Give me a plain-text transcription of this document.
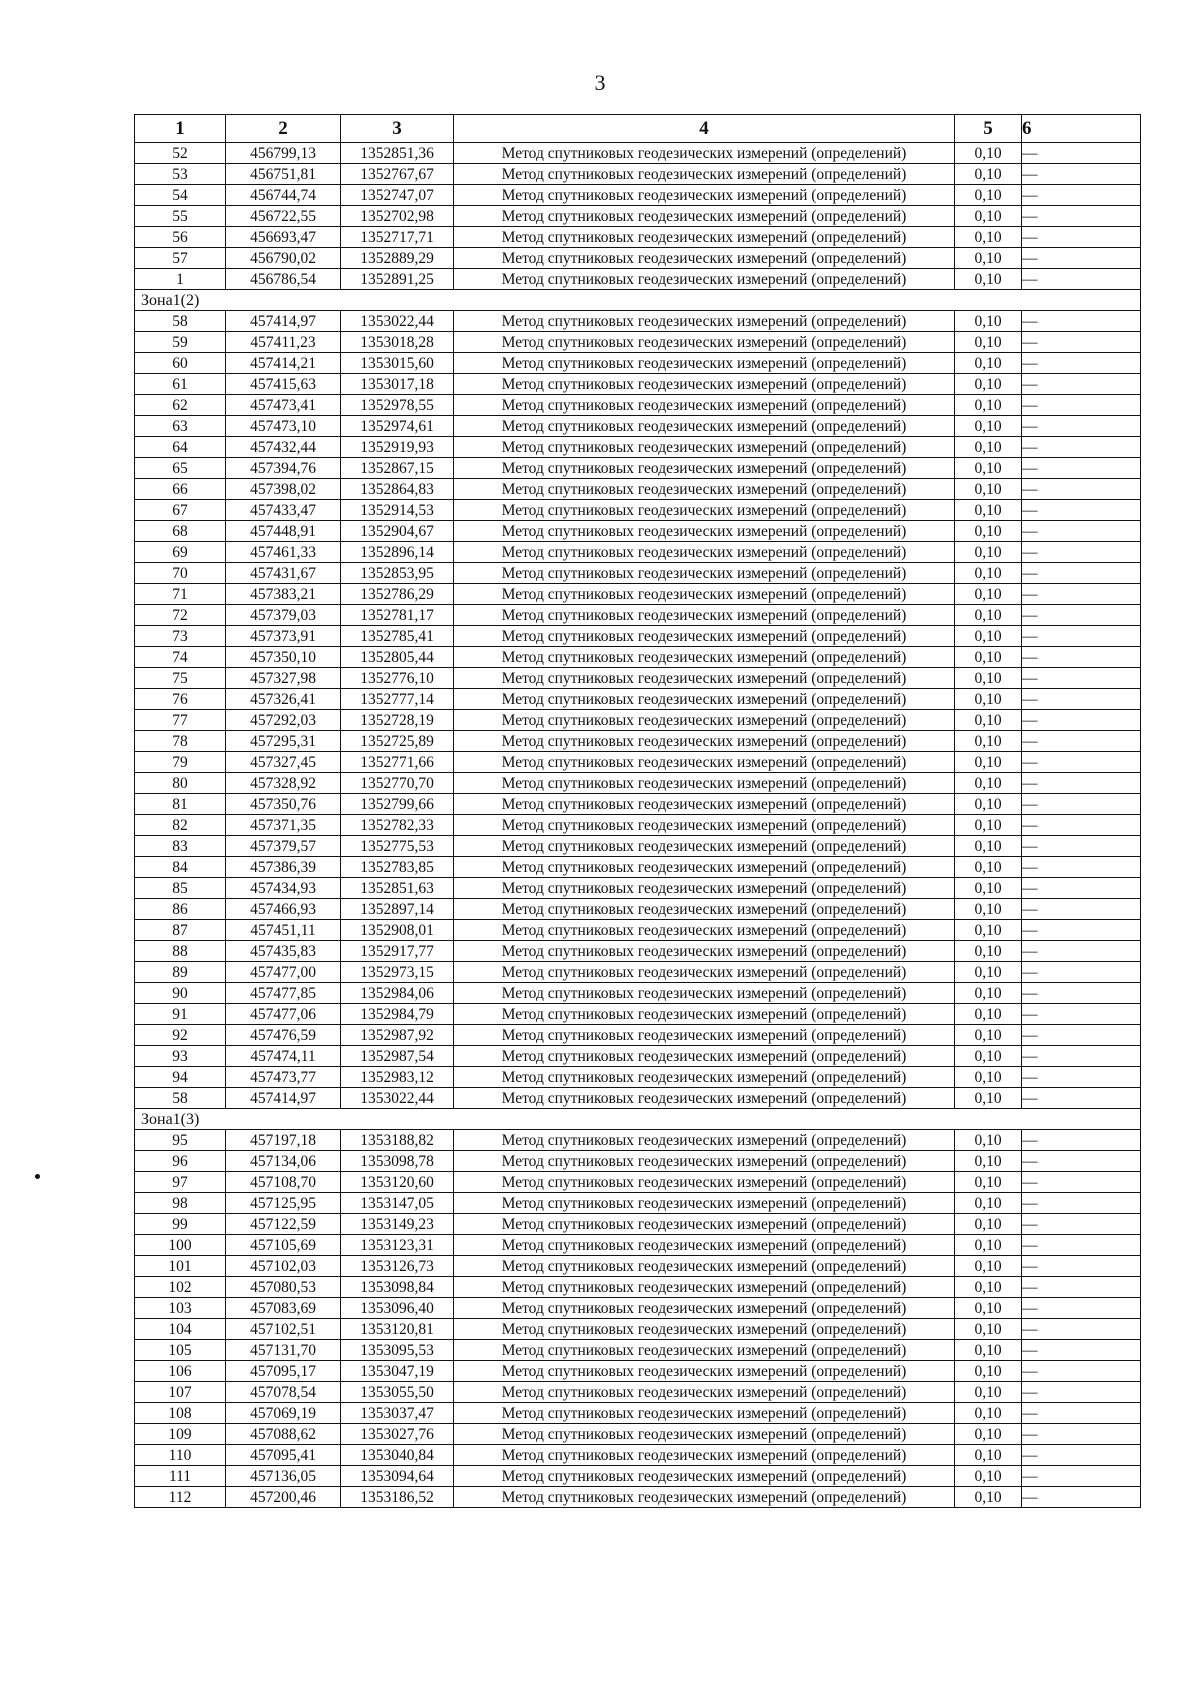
3
1	2	3	4	5	6
52	456799,13	1352851,36	Метод спутниковых геодезических измерений (определений)	0,10	—
53	456751,81	1352767,67	Метод спутниковых геодезических измерений (определений)	0,10	—
54	456744,74	1352747,07	Метод спутниковых геодезических измерений (определений)	0,10	—
55	456722,55	1352702,98	Метод спутниковых геодезических измерений (определений)	0,10	—
56	456693,47	1352717,71	Метод спутниковых геодезических измерений (определений)	0,10	—
57	456790,02	1352889,29	Метод спутниковых геодезических измерений (определений)	0,10	—
1	456786,54	1352891,25	Метод спутниковых геодезических измерений (определений)	0,10	—
Зона1(2)					
58	457414,97	1353022,44	Метод спутниковых геодезических измерений (определений)	0,10	—
59	457411,23	1353018,28	Метод спутниковых геодезических измерений (определений)	0,10	—
60	457414,21	1353015,60	Метод спутниковых геодезических измерений (определений)	0,10	—
61	457415,63	1353017,18	Метод спутниковых геодезических измерений (определений)	0,10	—
62	457473,41	1352978,55	Метод спутниковых геодезических измерений (определений)	0,10	—
63	457473,10	1352974,61	Метод спутниковых геодезических измерений (определений)	0,10	—
64	457432,44	1352919,93	Метод спутниковых геодезических измерений (определений)	0,10	—
65	457394,76	1352867,15	Метод спутниковых геодезических измерений (определений)	0,10	—
66	457398,02	1352864,83	Метод спутниковых геодезических измерений (определений)	0,10	—
67	457433,47	1352914,53	Метод спутниковых геодезических измерений (определений)	0,10	—
68	457448,91	1352904,67	Метод спутниковых геодезических измерений (определений)	0,10	—
69	457461,33	1352896,14	Метод спутниковых геодезических измерений (определений)	0,10	—
70	457431,67	1352853,95	Метод спутниковых геодезических измерений (определений)	0,10	—
71	457383,21	1352786,29	Метод спутниковых геодезических измерений (определений)	0,10	—
72	457379,03	1352781,17	Метод спутниковых геодезических измерений (определений)	0,10	—
73	457373,91	1352785,41	Метод спутниковых геодезических измерений (определений)	0,10	—
74	457350,10	1352805,44	Метод спутниковых геодезических измерений (определений)	0,10	—
75	457327,98	1352776,10	Метод спутниковых геодезических измерений (определений)	0,10	—
76	457326,41	1352777,14	Метод спутниковых геодезических измерений (определений)	0,10	—
77	457292,03	1352728,19	Метод спутниковых геодезических измерений (определений)	0,10	—
78	457295,31	1352725,89	Метод спутниковых геодезических измерений (определений)	0,10	—
79	457327,45	1352771,66	Метод спутниковых геодезических измерений (определений)	0,10	—
80	457328,92	1352770,70	Метод спутниковых геодезических измерений (определений)	0,10	—
81	457350,76	1352799,66	Метод спутниковых геодезических измерений (определений)	0,10	—
82	457371,35	1352782,33	Метод спутниковых геодезических измерений (определений)	0,10	—
83	457379,57	1352775,53	Метод спутниковых геодезических измерений (определений)	0,10	—
84	457386,39	1352783,85	Метод спутниковых геодезических измерений (определений)	0,10	—
85	457434,93	1352851,63	Метод спутниковых геодезических измерений (определений)	0,10	—
86	457466,93	1352897,14	Метод спутниковых геодезических измерений (определений)	0,10	—
87	457451,11	1352908,01	Метод спутниковых геодезических измерений (определений)	0,10	—
88	457435,83	1352917,77	Метод спутниковых геодезических измерений (определений)	0,10	—
89	457477,00	1352973,15	Метод спутниковых геодезических измерений (определений)	0,10	—
90	457477,85	1352984,06	Метод спутниковых геодезических измерений (определений)	0,10	—
91	457477,06	1352984,79	Метод спутниковых геодезических измерений (определений)	0,10	—
92	457476,59	1352987,92	Метод спутниковых геодезических измерений (определений)	0,10	—
93	457474,11	1352987,54	Метод спутниковых геодезических измерений (определений)	0,10	—
94	457473,77	1352983,12	Метод спутниковых геодезических измерений (определений)	0,10	—
58	457414,97	1353022,44	Метод спутниковых геодезических измерений (определений)	0,10	—
Зона1(3)					
95	457197,18	1353188,82	Метод спутниковых геодезических измерений (определений)	0,10	—
96	457134,06	1353098,78	Метод спутниковых геодезических измерений (определений)	0,10	—
97	457108,70	1353120,60	Метод спутниковых геодезических измерений (определений)	0,10	—
98	457125,95	1353147,05	Метод спутниковых геодезических измерений (определений)	0,10	—
99	457122,59	1353149,23	Метод спутниковых геодезических измерений (определений)	0,10	—
100	457105,69	1353123,31	Метод спутниковых геодезических измерений (определений)	0,10	—
101	457102,03	1353126,73	Метод спутниковых геодезических измерений (определений)	0,10	—
102	457080,53	1353098,84	Метод спутниковых геодезических измерений (определений)	0,10	—
103	457083,69	1353096,40	Метод спутниковых геодезических измерений (определений)	0,10	—
104	457102,51	1353120,81	Метод спутниковых геодезических измерений (определений)	0,10	—
105	457131,70	1353095,53	Метод спутниковых геодезических измерений (определений)	0,10	—
106	457095,17	1353047,19	Метод спутниковых геодезических измерений (определений)	0,10	—
107	457078,54	1353055,50	Метод спутниковых геодезических измерений (определений)	0,10	—
108	457069,19	1353037,47	Метод спутниковых геодезических измерений (определений)	0,10	—
109	457088,62	1353027,76	Метод спутниковых геодезических измерений (определений)	0,10	—
110	457095,41	1353040,84	Метод спутниковых геодезических измерений (определений)	0,10	—
111	457136,05	1353094,64	Метод спутниковых геодезических измерений (определений)	0,10	—
112	457200,46	1353186,52	Метод спутниковых геодезических измерений (определений)	0,10	—
